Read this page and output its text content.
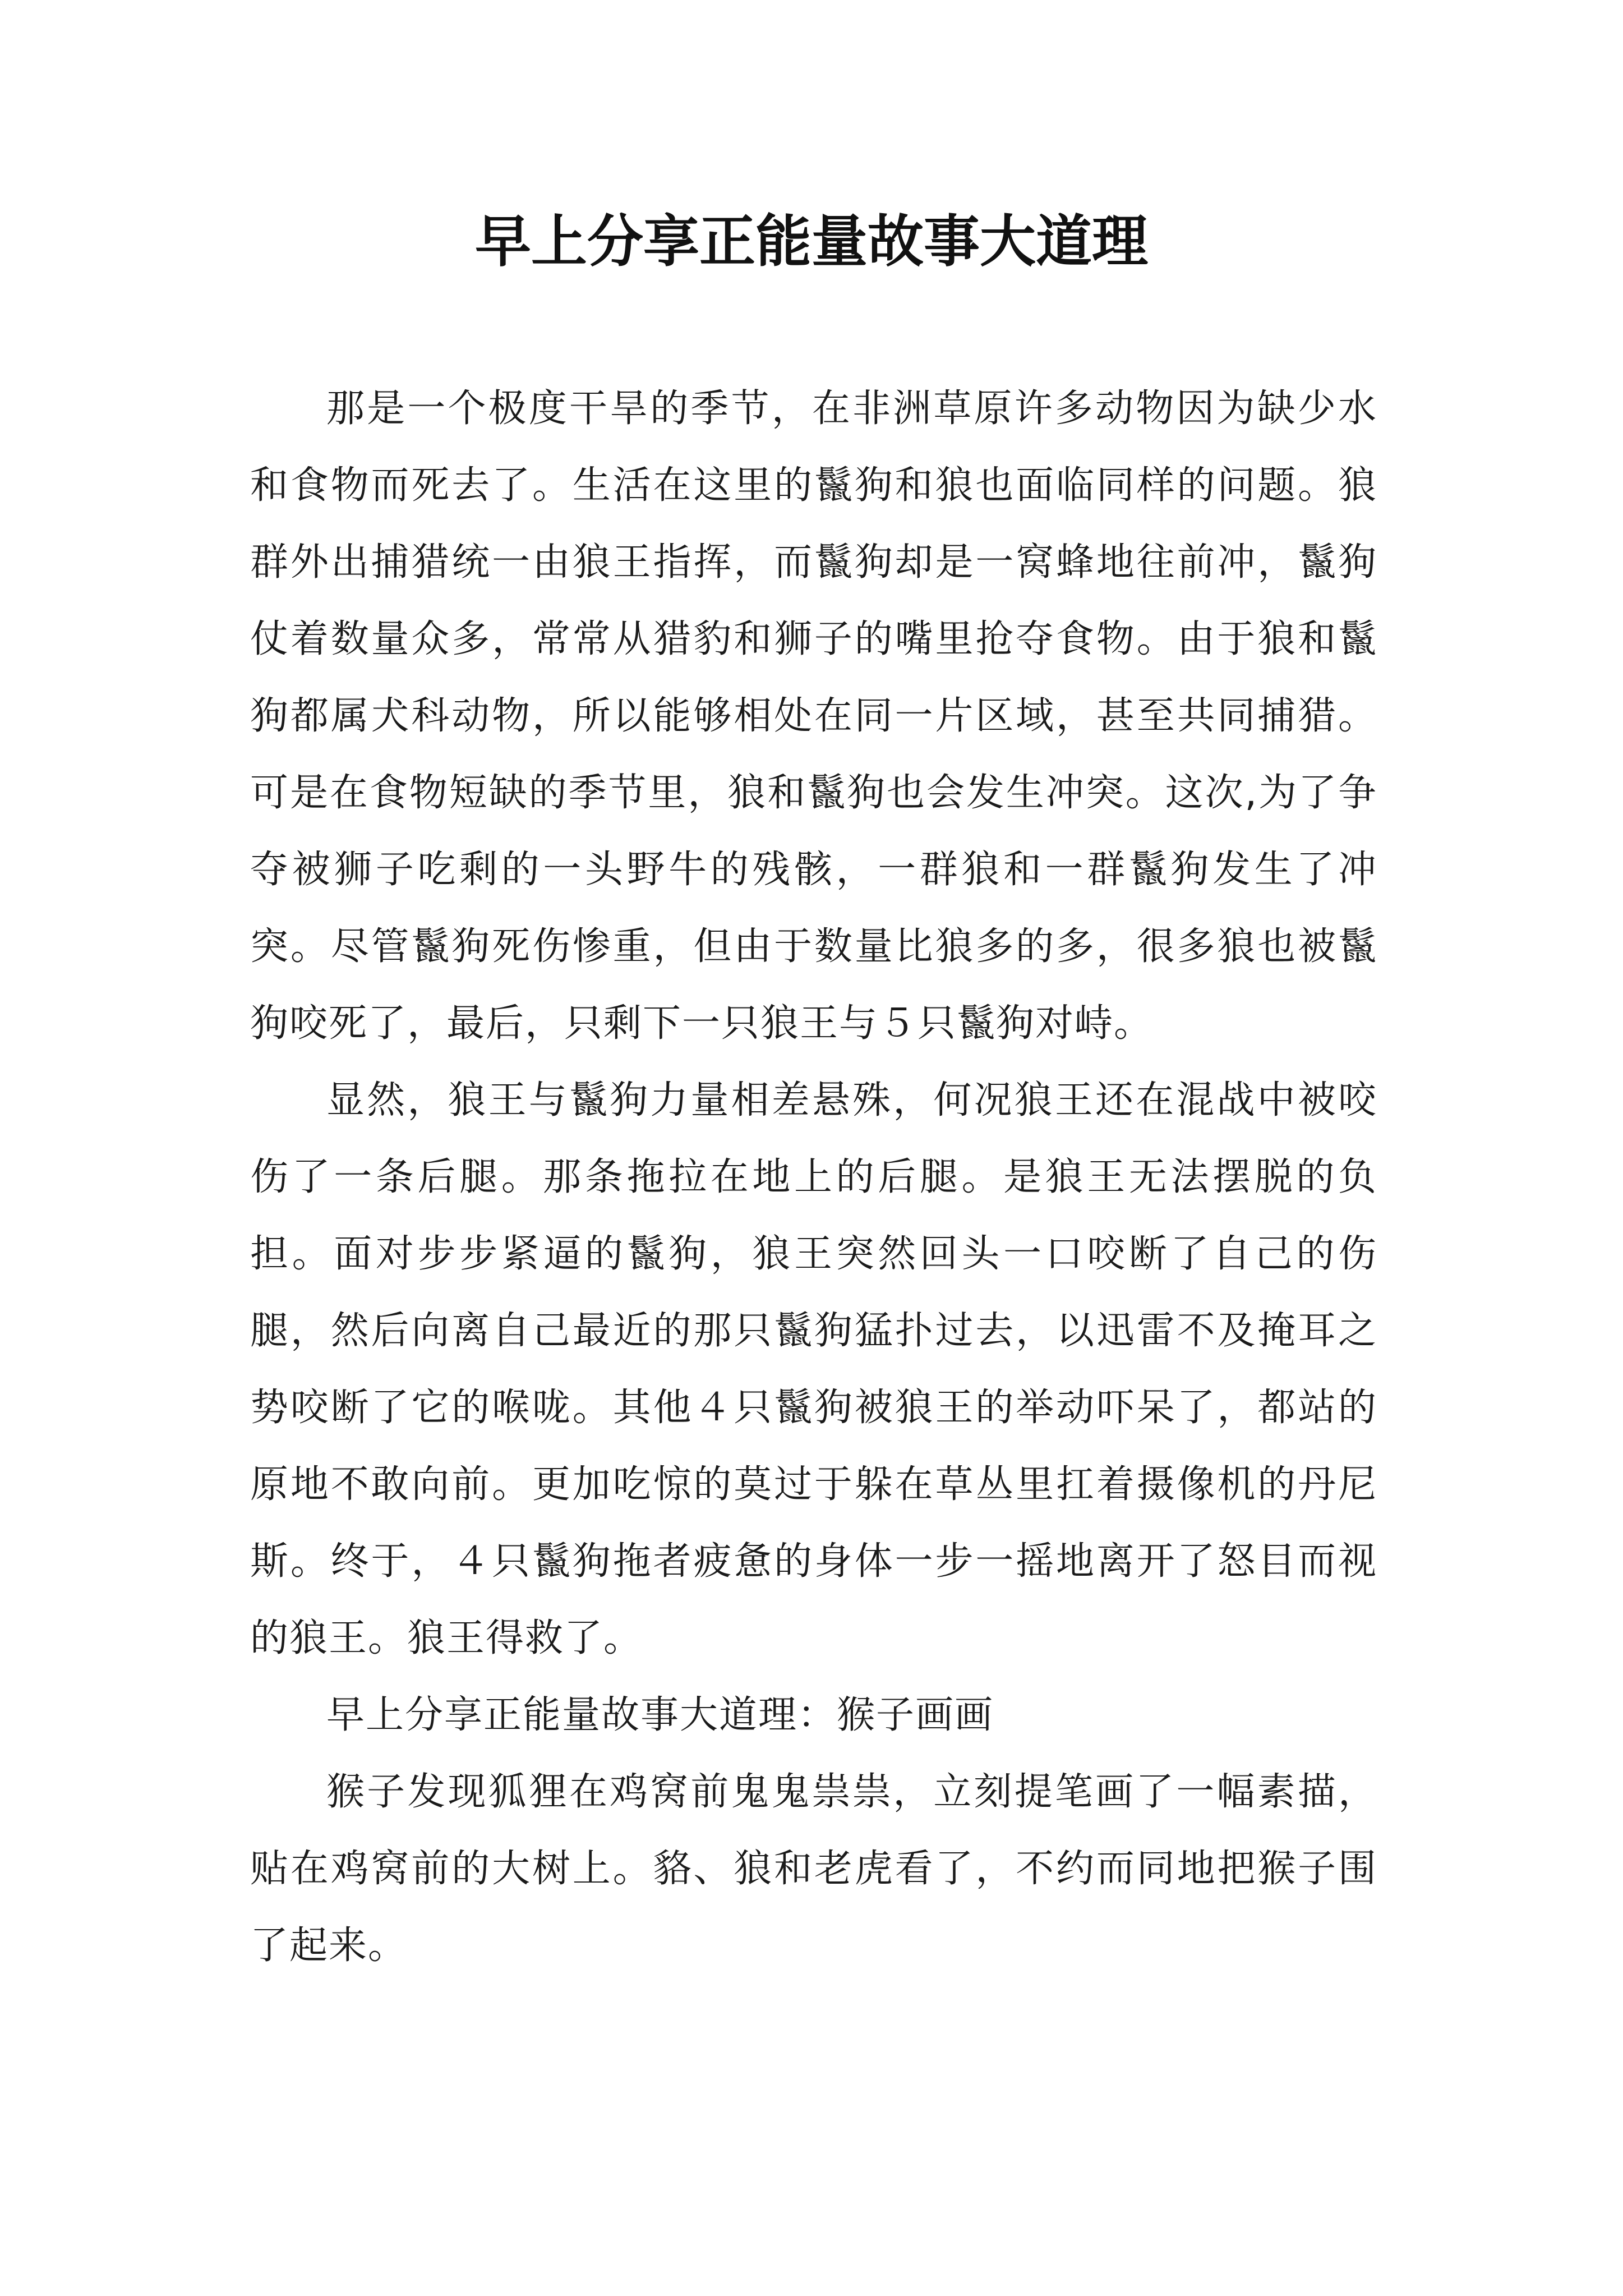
早上分享正能量故事大道理

那是一个极度干旱的季节，在非洲草原许多动物因为缺少水和食物而死去了。生活在这里的鬣狗和狼也面临同样的问题。狼群外出捕猎统一由狼王指挥，而鬣狗却是一窝蜂地往前冲，鬣狗仗着数量众多，常常从猎豹和狮子的嘴里抢夺食物。由于狼和鬣狗都属犬科动物，所以能够相处在同一片区域，甚至共同捕猎。可是在食物短缺的季节里，狼和鬣狗也会发生冲突。这次,为了争夺被狮子吃剩的一头野牛的残骸，一群狼和一群鬣狗发生了冲突。尽管鬣狗死伤惨重，但由于数量比狼多的多，很多狼也被鬣狗咬死了，最后，只剩下一只狼王与５只鬣狗对峙。

显然，狼王与鬣狗力量相差悬殊，何况狼王还在混战中被咬伤了一条后腿。那条拖拉在地上的后腿。是狼王无法摆脱的负担。面对步步紧逼的鬣狗，狼王突然回头一口咬断了自己的伤腿，然后向离自己最近的那只鬣狗猛扑过去，以迅雷不及掩耳之势咬断了它的喉咙。其他４只鬣狗被狼王的举动吓呆了，都站的原地不敢向前。更加吃惊的莫过于躲在草丛里扛着摄像机的丹尼斯。终于，４只鬣狗拖者疲惫的身体一步一摇地离开了怒目而视的狼王。狼王得救了。

早上分享正能量故事大道理：猴子画画

猴子发现狐狸在鸡窝前鬼鬼祟祟，立刻提笔画了一幅素描，贴在鸡窝前的大树上。貉、狼和老虎看了，不约而同地把猴子围了起来。
